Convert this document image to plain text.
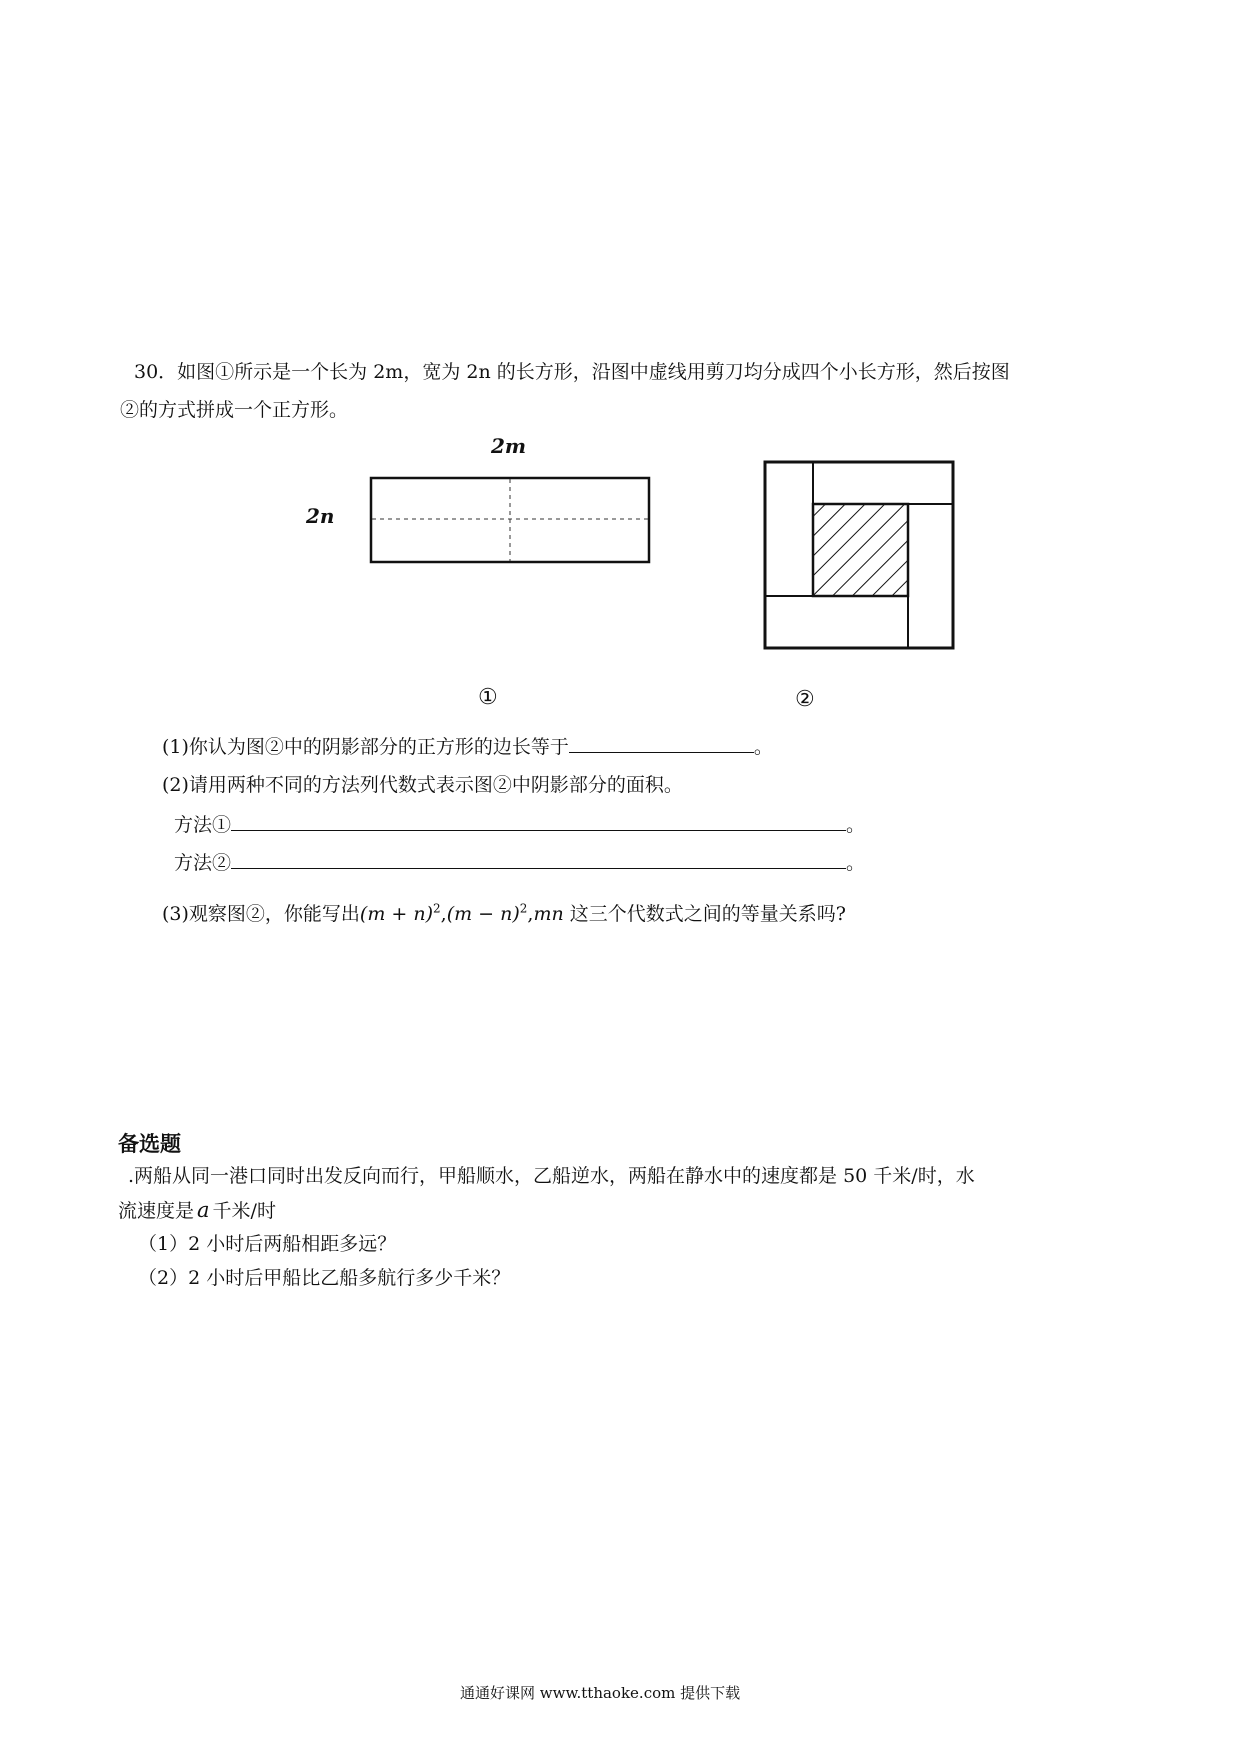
30．如图①所示是一个长为 2m，宽为 2n 的长方形，沿图中虚线用剪刀均分成四个小长方形，然后按图
②的方式拼成一个正方形。
2m
2n
①	②
(1)你认为图②中的阴影部分的正方形的边长等于	。
(2)请用两种不同的方法列代数式表示图②中阴影部分的面积。
方法①	。
方法②	。
(3)观察图②，你能写出$(m + n)^2,(m - n)^2,mn$ 这三个代数式之间的等量关系吗?
备选题
.两船从同一港口同时出发反向而行，甲船顺水，乙船逆水，两船在静水中的速度都是 50 千米/时，水
流速度是 a 千米/时
（1）2 小时后两船相距多远？
（2）2 小时后甲船比乙船多航行多少千米？
通通好课网 www.tthaoke.com 提供下载
